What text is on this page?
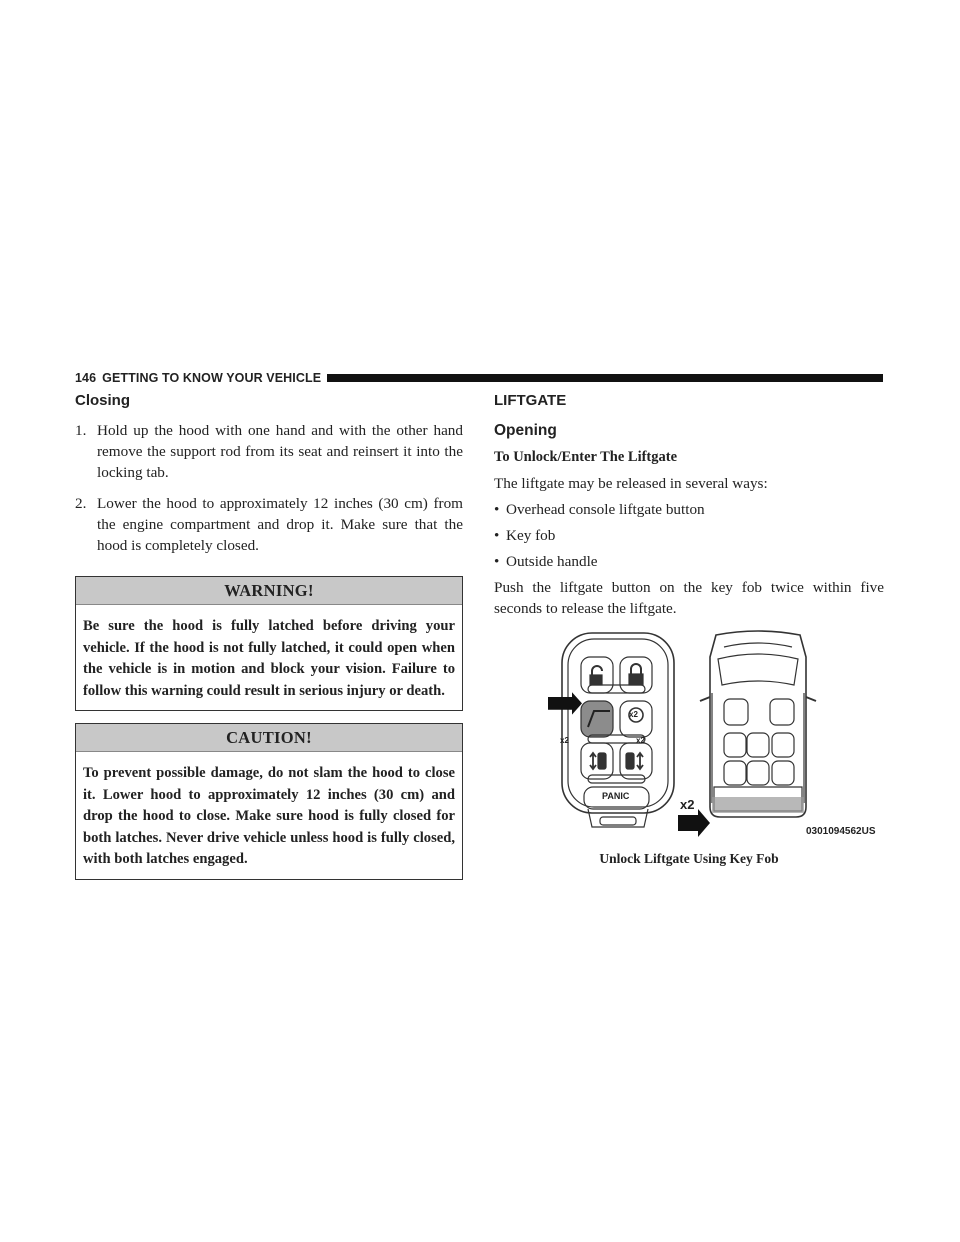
146 GETTING TO KNOW YOUR VEHICLE
Closing
1. Hold up the hood with one hand and with the other hand remove the support rod from its seat and reinsert it into the locking tab.
2. Lower the hood to approximately 12 inches (30 cm) from the engine compartment and drop it. Make sure that the hood is completely closed.
WARNING!
Be sure the hood is fully latched before driving your vehicle. If the hood is not fully latched, it could open when the vehicle is in motion and block your vision. Failure to follow this warning could result in serious injury or death.
CAUTION!
To prevent possible damage, do not slam the hood to close it. Lower hood to approximately 12 inches (30 cm) and drop the hood to close. Make sure hood is fully closed for both latches. Never drive vehicle unless hood is fully closed, with both latches engaged.
LIFTGATE
Opening
To Unlock/Enter The Liftgate

The liftgate may be released in several ways:

• Overhead console liftgate button
• Key fob
• Outside handle

Push the liftgate button on the key fob twice within five seconds to release the liftgate.

x2
x2
x2
PANIC
x2
0301094562US
Unlock Liftgate Using Key Fob
